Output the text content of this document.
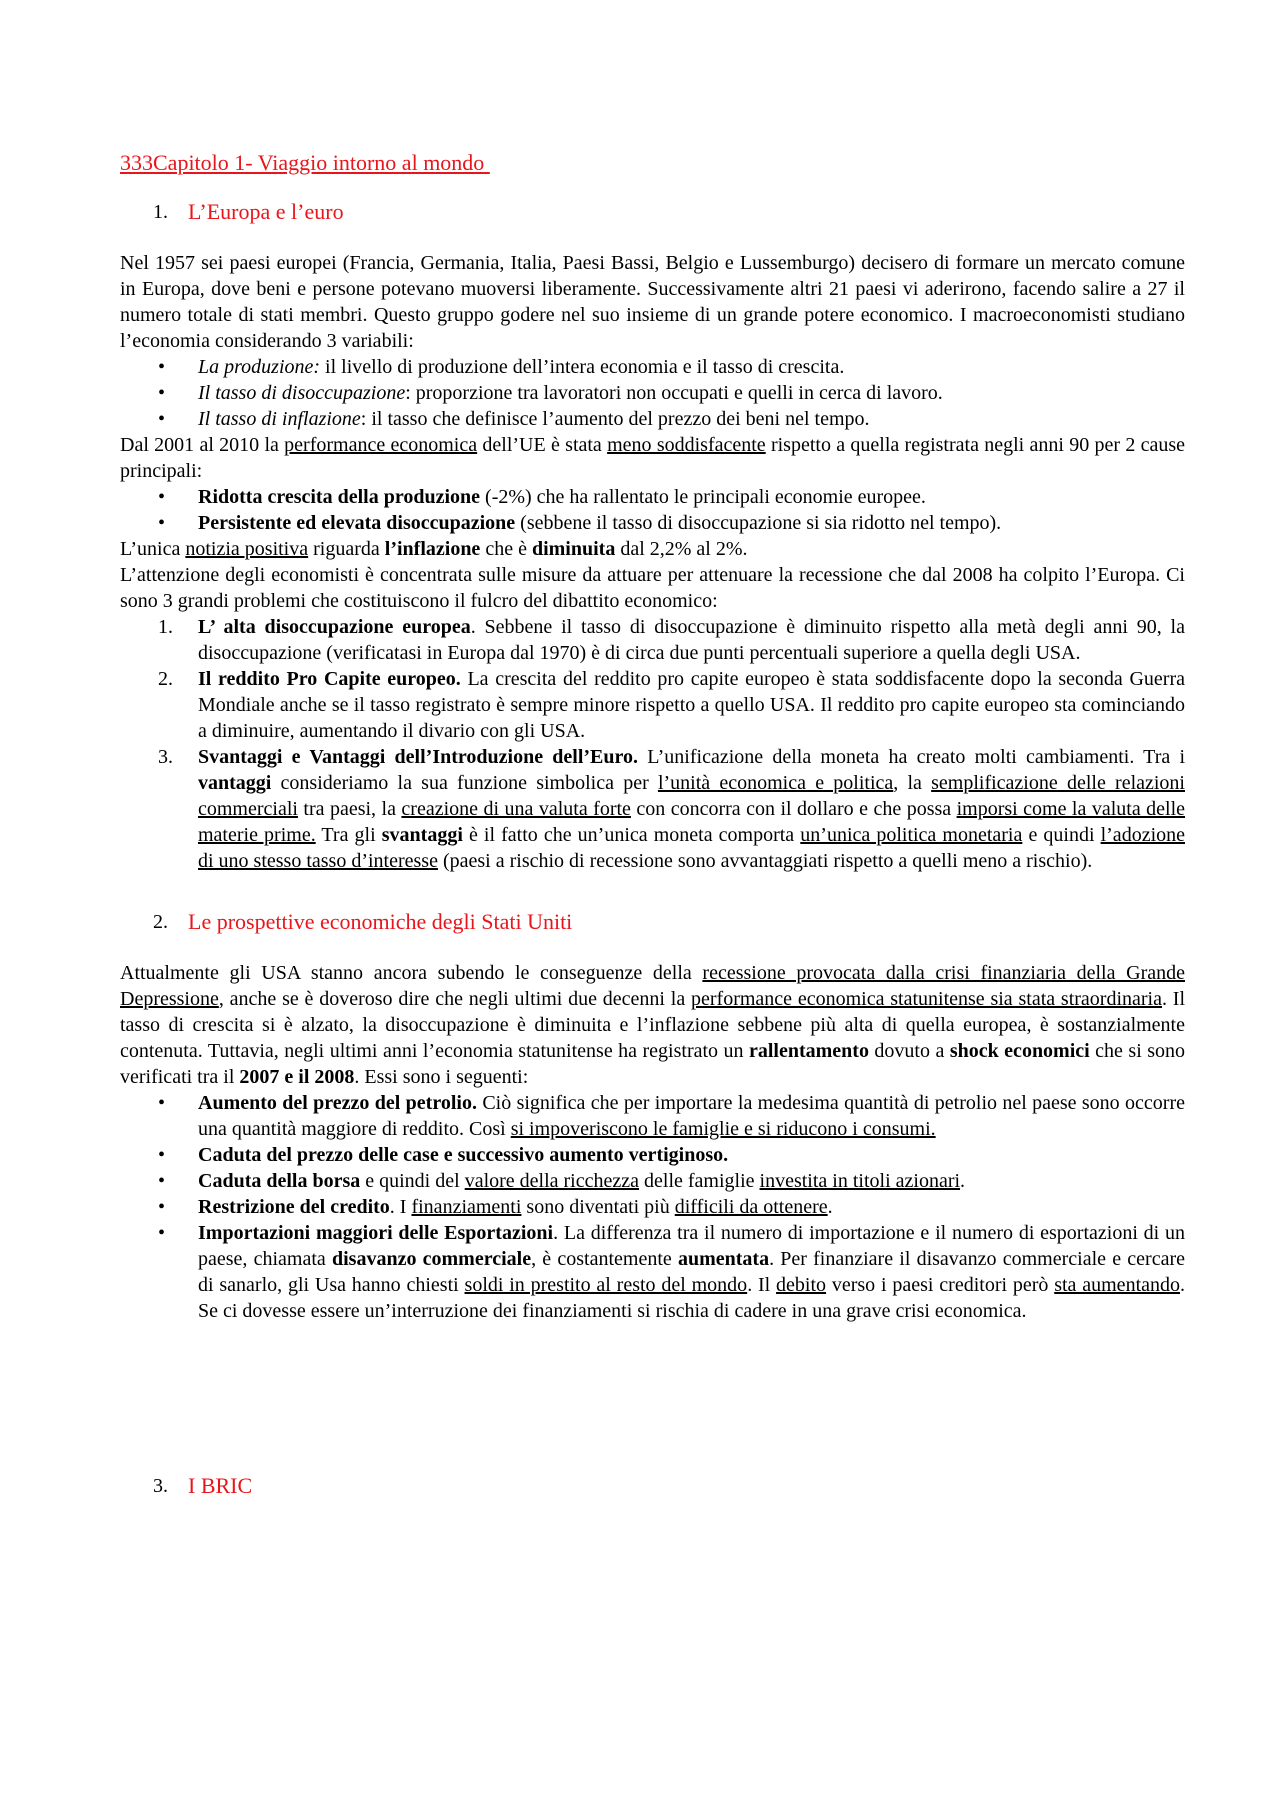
333Capitolo 1- Viaggio intorno al mondo
1. L’Europa e l’euro

Nel 1957 sei paesi europei (Francia, Germania, Italia, Paesi Bassi, Belgio e Lussemburgo) decisero di formare un mercato comune in Europa, dove beni e persone potevano muoversi liberamente. Successivamente altri 21 paesi vi aderirono, facendo salire a 27 il numero totale di stati membri. Questo gruppo godere nel suo insieme di un grande potere economico. I macroeconomisti studiano l’economia considerando 3 variabili:

•	La produzione: il livello di produzione dell’intera economia e il tasso di crescita.
•	Il tasso di disoccupazione: proporzione tra lavoratori non occupati e quelli in cerca di lavoro.
•	Il tasso di inflazione: il tasso che definisce l’aumento del prezzo dei beni nel tempo.

Dal 2001 al 2010 la performance economica dell’UE è stata meno soddisfacente rispetto a quella registrata negli anni 90 per 2 cause principali:

•	Ridotta crescita della produzione (-2%) che ha rallentato le principali economie europee.
•	Persistente ed elevata disoccupazione (sebbene il tasso di disoccupazione si sia ridotto nel tempo).

L’unica notizia positiva riguarda l’inflazione che è diminuita dal 2,2% al 2%.

L’attenzione degli economisti è concentrata sulle misure da attuare per attenuare la recessione che dal 2008 ha colpito l’Europa. Ci sono 3 grandi problemi che costituiscono il fulcro del dibattito economico:

1.	L’ alta disoccupazione europea. Sebbene il tasso di disoccupazione è diminuito rispetto alla metà degli anni 90, la disoccupazione (verificatasi in Europa dal 1970) è di circa due punti percentuali superiore a quella degli USA.
2.	Il reddito Pro Capite europeo. La crescita del reddito pro capite europeo è stata soddisfacente dopo la seconda Guerra Mondiale anche se il tasso registrato è sempre minore rispetto a quello USA. Il reddito pro capite europeo sta cominciando a diminuire, aumentando il divario con gli USA.
3.	Svantaggi e Vantaggi dell’Introduzione dell’Euro. L’unificazione della moneta ha creato molti cambiamenti. Tra i vantaggi consideriamo la sua funzione simbolica per l’unità economica e politica, la semplificazione delle relazioni commerciali tra paesi, la creazione di una valuta forte con concorra con il dollaro e che possa imporsi come la valuta delle materie prime. Tra gli svantaggi è il fatto che un’unica moneta comporta un’unica politica monetaria e quindi l’adozione di uno stesso tasso d’interesse (paesi a rischio di recessione sono avvantaggiati rispetto a quelli meno a rischio).
2. Le prospettive economiche degli Stati Uniti

Attualmente gli USA stanno ancora subendo le conseguenze della recessione provocata dalla crisi finanziaria della Grande Depressione, anche se è doveroso dire che negli ultimi due decenni la performance economica statunitense sia stata straordinaria. Il tasso di crescita si è alzato, la disoccupazione è diminuita e l’inflazione sebbene più alta di quella europea, è sostanzialmente contenuta. Tuttavia, negli ultimi anni l’economia statunitense ha registrato un rallentamento dovuto a shock economici che si sono verificati tra il 2007 e il 2008. Essi sono i seguenti:

•	Aumento del prezzo del petrolio. Ciò significa che per importare la medesima quantità di petrolio nel paese sono occorre una quantità maggiore di reddito. Così si impoveriscono le famiglie e si riducono i consumi.
•	Caduta del prezzo delle case e successivo aumento vertiginoso.
•	Caduta della borsa e quindi del valore della ricchezza delle famiglie investita in titoli azionari.
•	Restrizione del credito. I finanziamenti sono diventati più difficili da ottenere.
•	Importazioni maggiori delle Esportazioni. La differenza tra il numero di importazione e il numero di esportazioni di un paese, chiamata disavanzo commerciale, è costantemente aumentata. Per finanziare il disavanzo commerciale e cercare di sanarlo, gli Usa hanno chiesti soldi in prestito al resto del mondo. Il debito verso i paesi creditori però sta aumentando. Se ci dovesse essere un’interruzione dei finanziamenti si rischia di cadere in una grave crisi economica.
3. I BRIC
